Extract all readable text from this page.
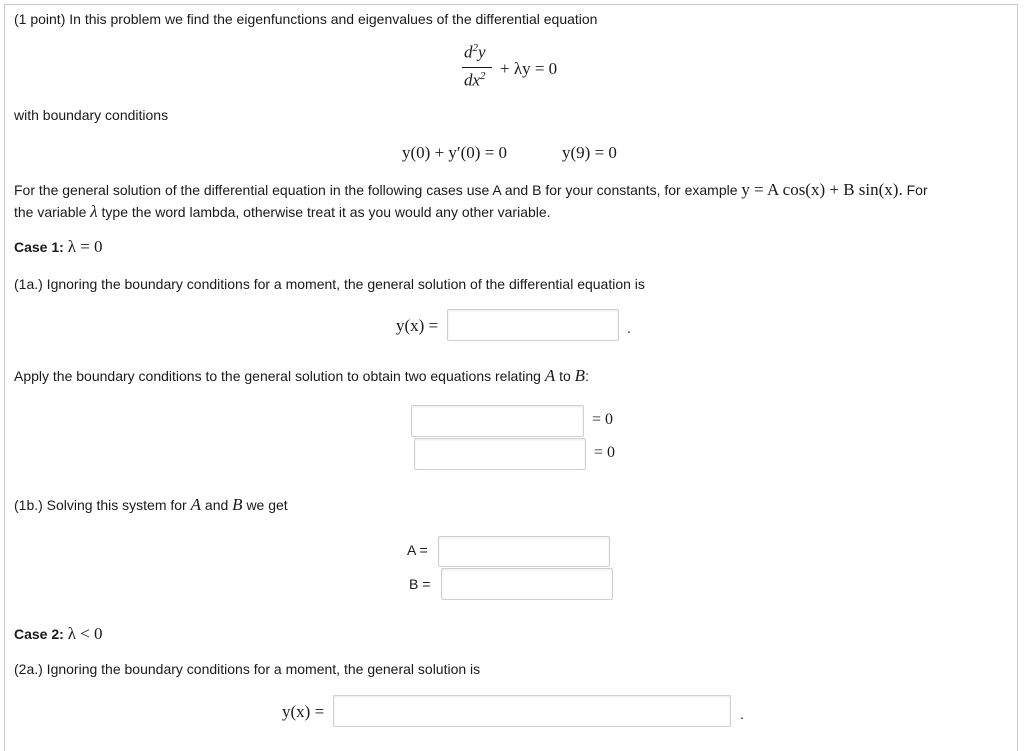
(1 point) In this problem we find the eigenfunctions and eigenvalues of the differential equation
$d^2y$
$dx^2 + \lambda y = 0$
with boundary conditions
y(0) + y′(0) = 0	y(9) = 0
For the general solution of the differential equation in the following cases use A and B for your constants, for example y = A cos(x) + B sin(x). For
the variable λ type the word lambda, otherwise treat it as you would any other variable.
Case 1: λ = 0
(1a.) Ignoring the boundary conditions for a moment, the general solution of the differential equation is
y(x) =	.
Apply the boundary conditions to the general solution to obtain two equations relating A to B:
= 0
= 0
(1b.) Solving this system for A and B we get
A =
B =
Case 2: λ < 0
(2a.) Ignoring the boundary conditions for a moment, the general solution is
y(x) =	.
